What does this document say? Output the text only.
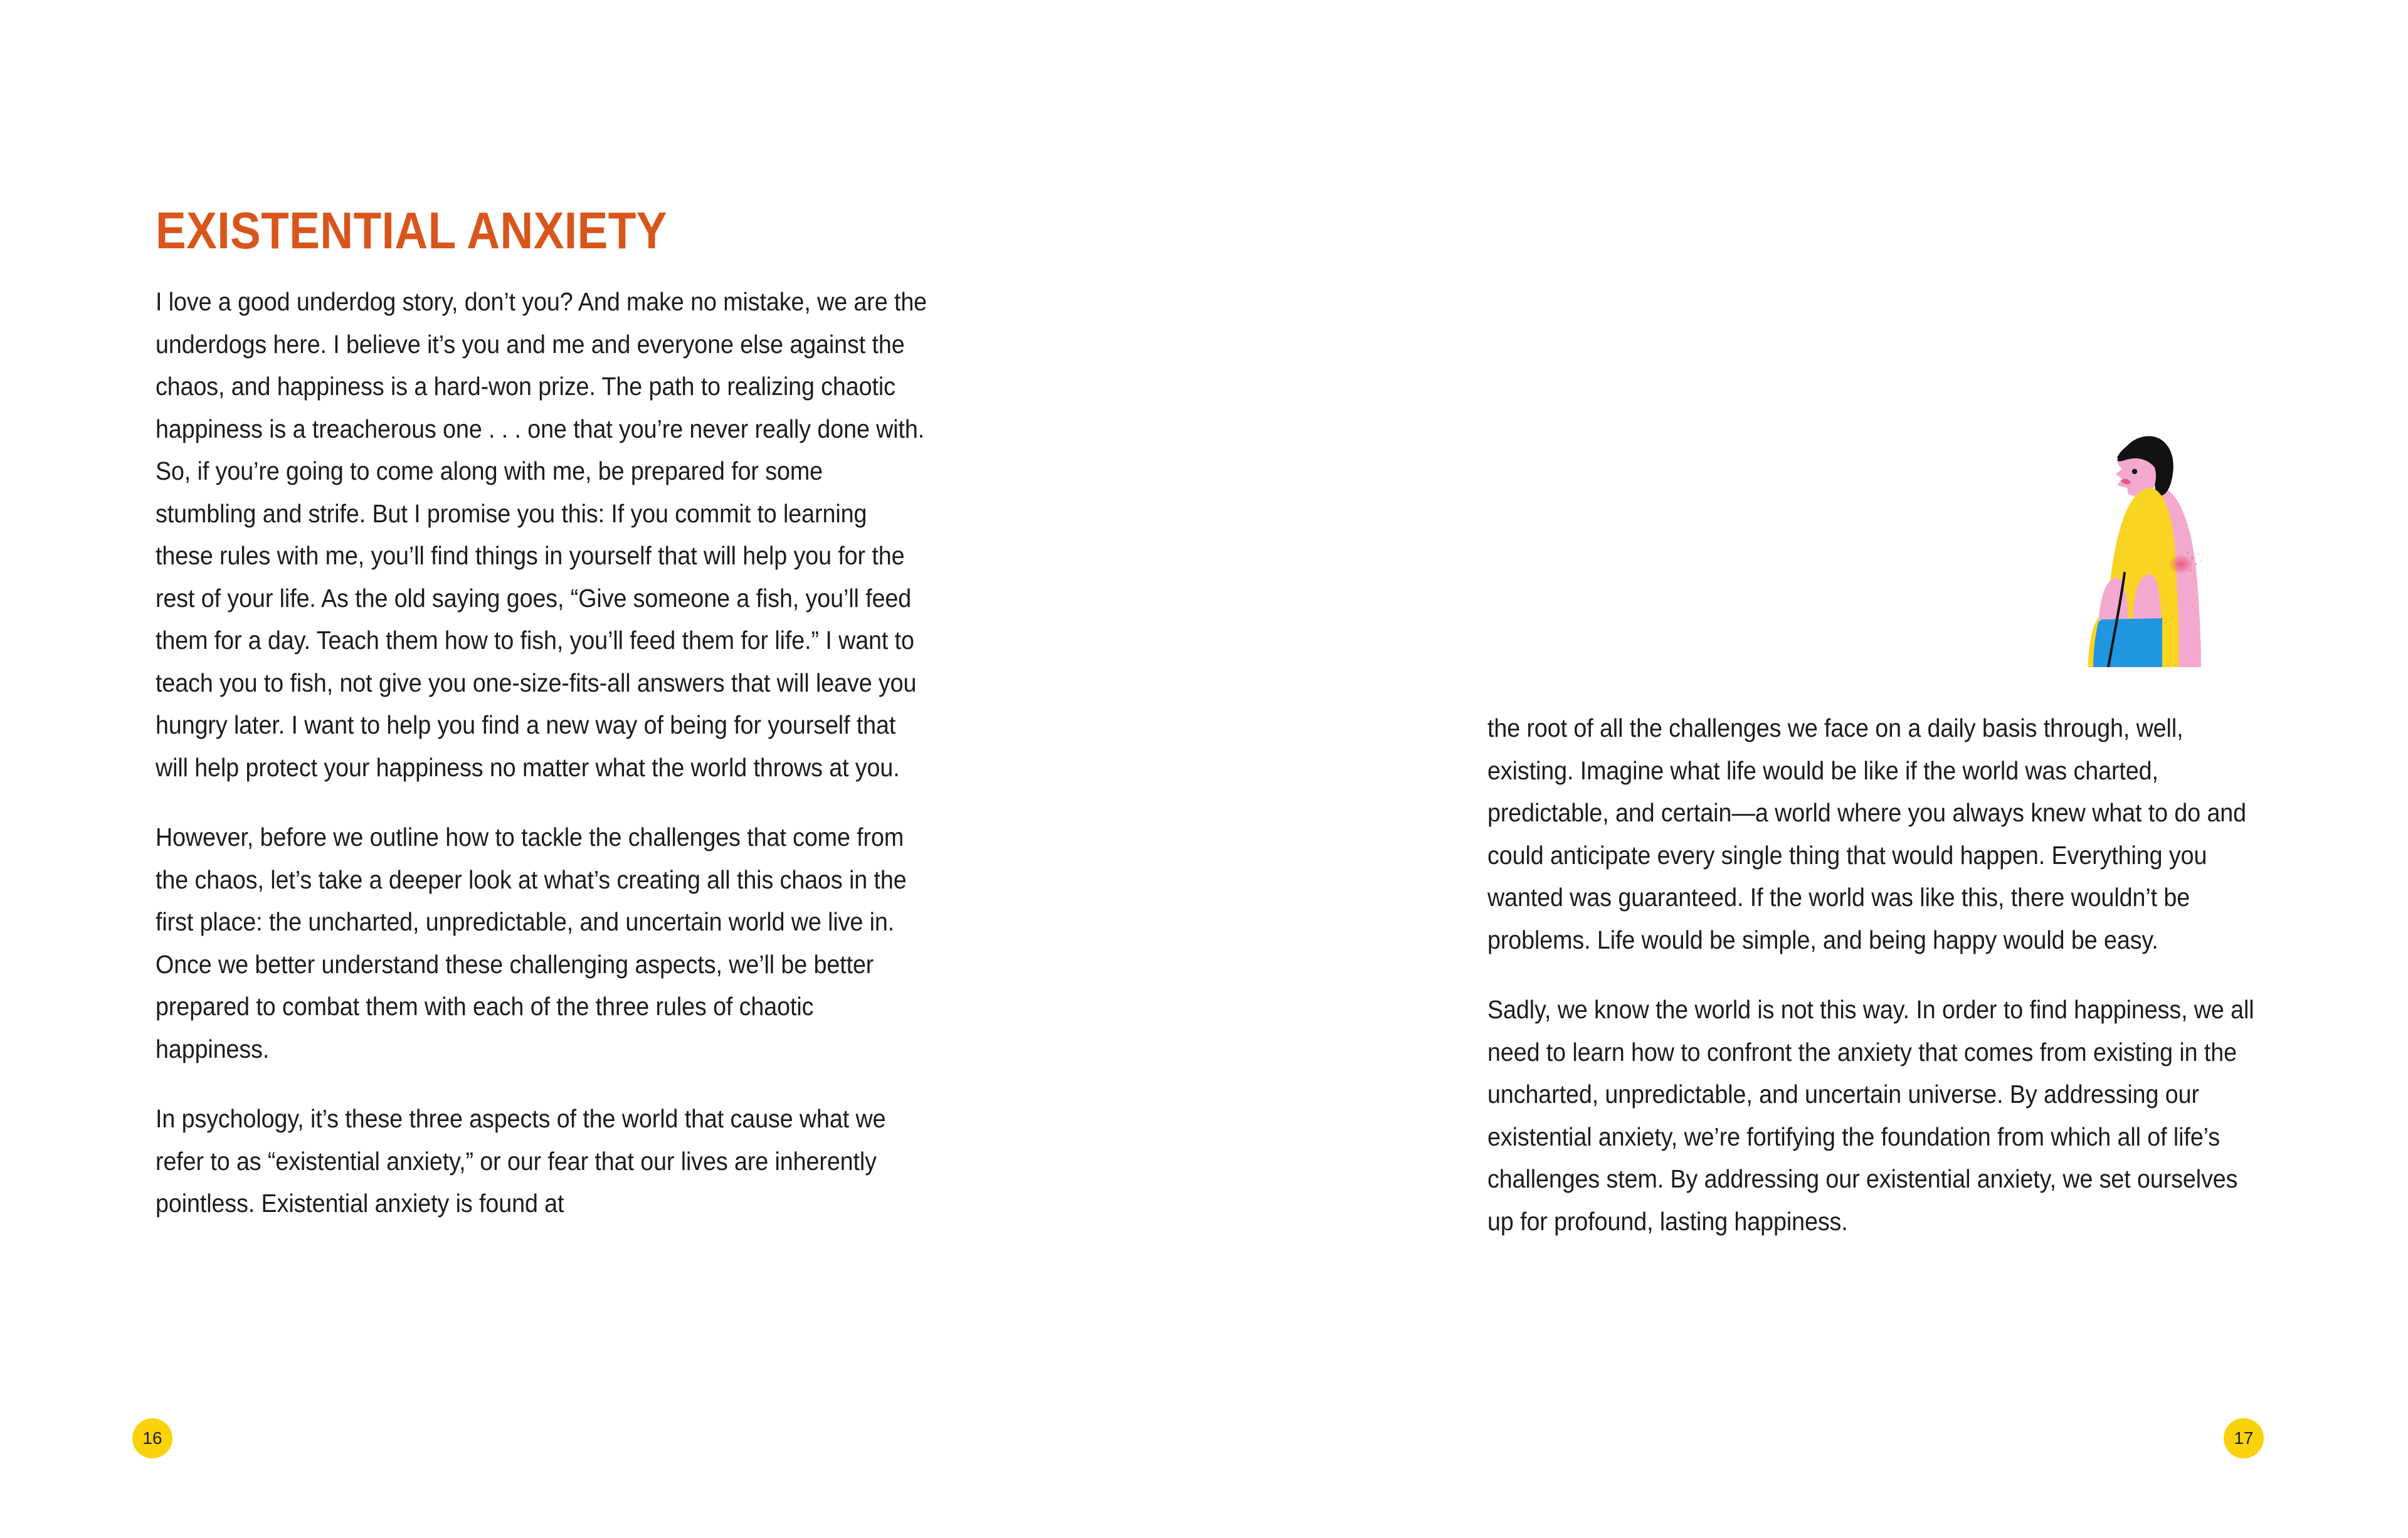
EXISTENTIAL ANXIETY

I love a good underdog story, don’t you? And make no mistake, we are the underdogs here. I believe it’s you and me and everyone else against the chaos, and happiness is a hard-won prize. The path to realizing chaotic happiness is a treacherous one . . . one that you’re never really done with. So, if you’re going to come along with me, be prepared for some stumbling and strife. But I promise you this: If you commit to learning these rules with me, you’ll find things in yourself that will help you for the rest of your life. As the old saying goes, “Give someone a fish, you’ll feed them for a day. Teach them how to fish, you’ll feed them for life.” I want to teach you to fish, not give you one-size-fits-all answers that will leave you hungry later. I want to help you find a new way of being for yourself that will help protect your happiness no matter what the world throws at you.

However, before we outline how to tackle the challenges that come from the chaos, let’s take a deeper look at what’s creating all this chaos in the first place: the uncharted, unpredictable, and uncertain world we live in. Once we better understand these challenging aspects, we’ll be better prepared to combat them with each of the three rules of chaotic happiness.

In psychology, it’s these three aspects of the world that cause what we refer to as “existential anxiety,” or our fear that our lives are inherently pointless. Existential anxiety is found at

16

the root of all the challenges we face on a daily basis through, well, existing. Imagine what life would be like if the world was charted, predictable, and certain—a world where you always knew what to do and could anticipate every single thing that would happen. Everything you wanted was guaranteed. If the world was like this, there wouldn’t be problems. Life would be simple, and being happy would be easy.

Sadly, we know the world is not this way. In order to find happiness, we all need to learn how to confront the anxiety that comes from existing in the uncharted, unpredictable, and uncertain universe. By addressing our existential anxiety, we’re fortifying the foundation from which all of life’s challenges stem. By addressing our existential anxiety, we set ourselves up for profound, lasting happiness.

17
